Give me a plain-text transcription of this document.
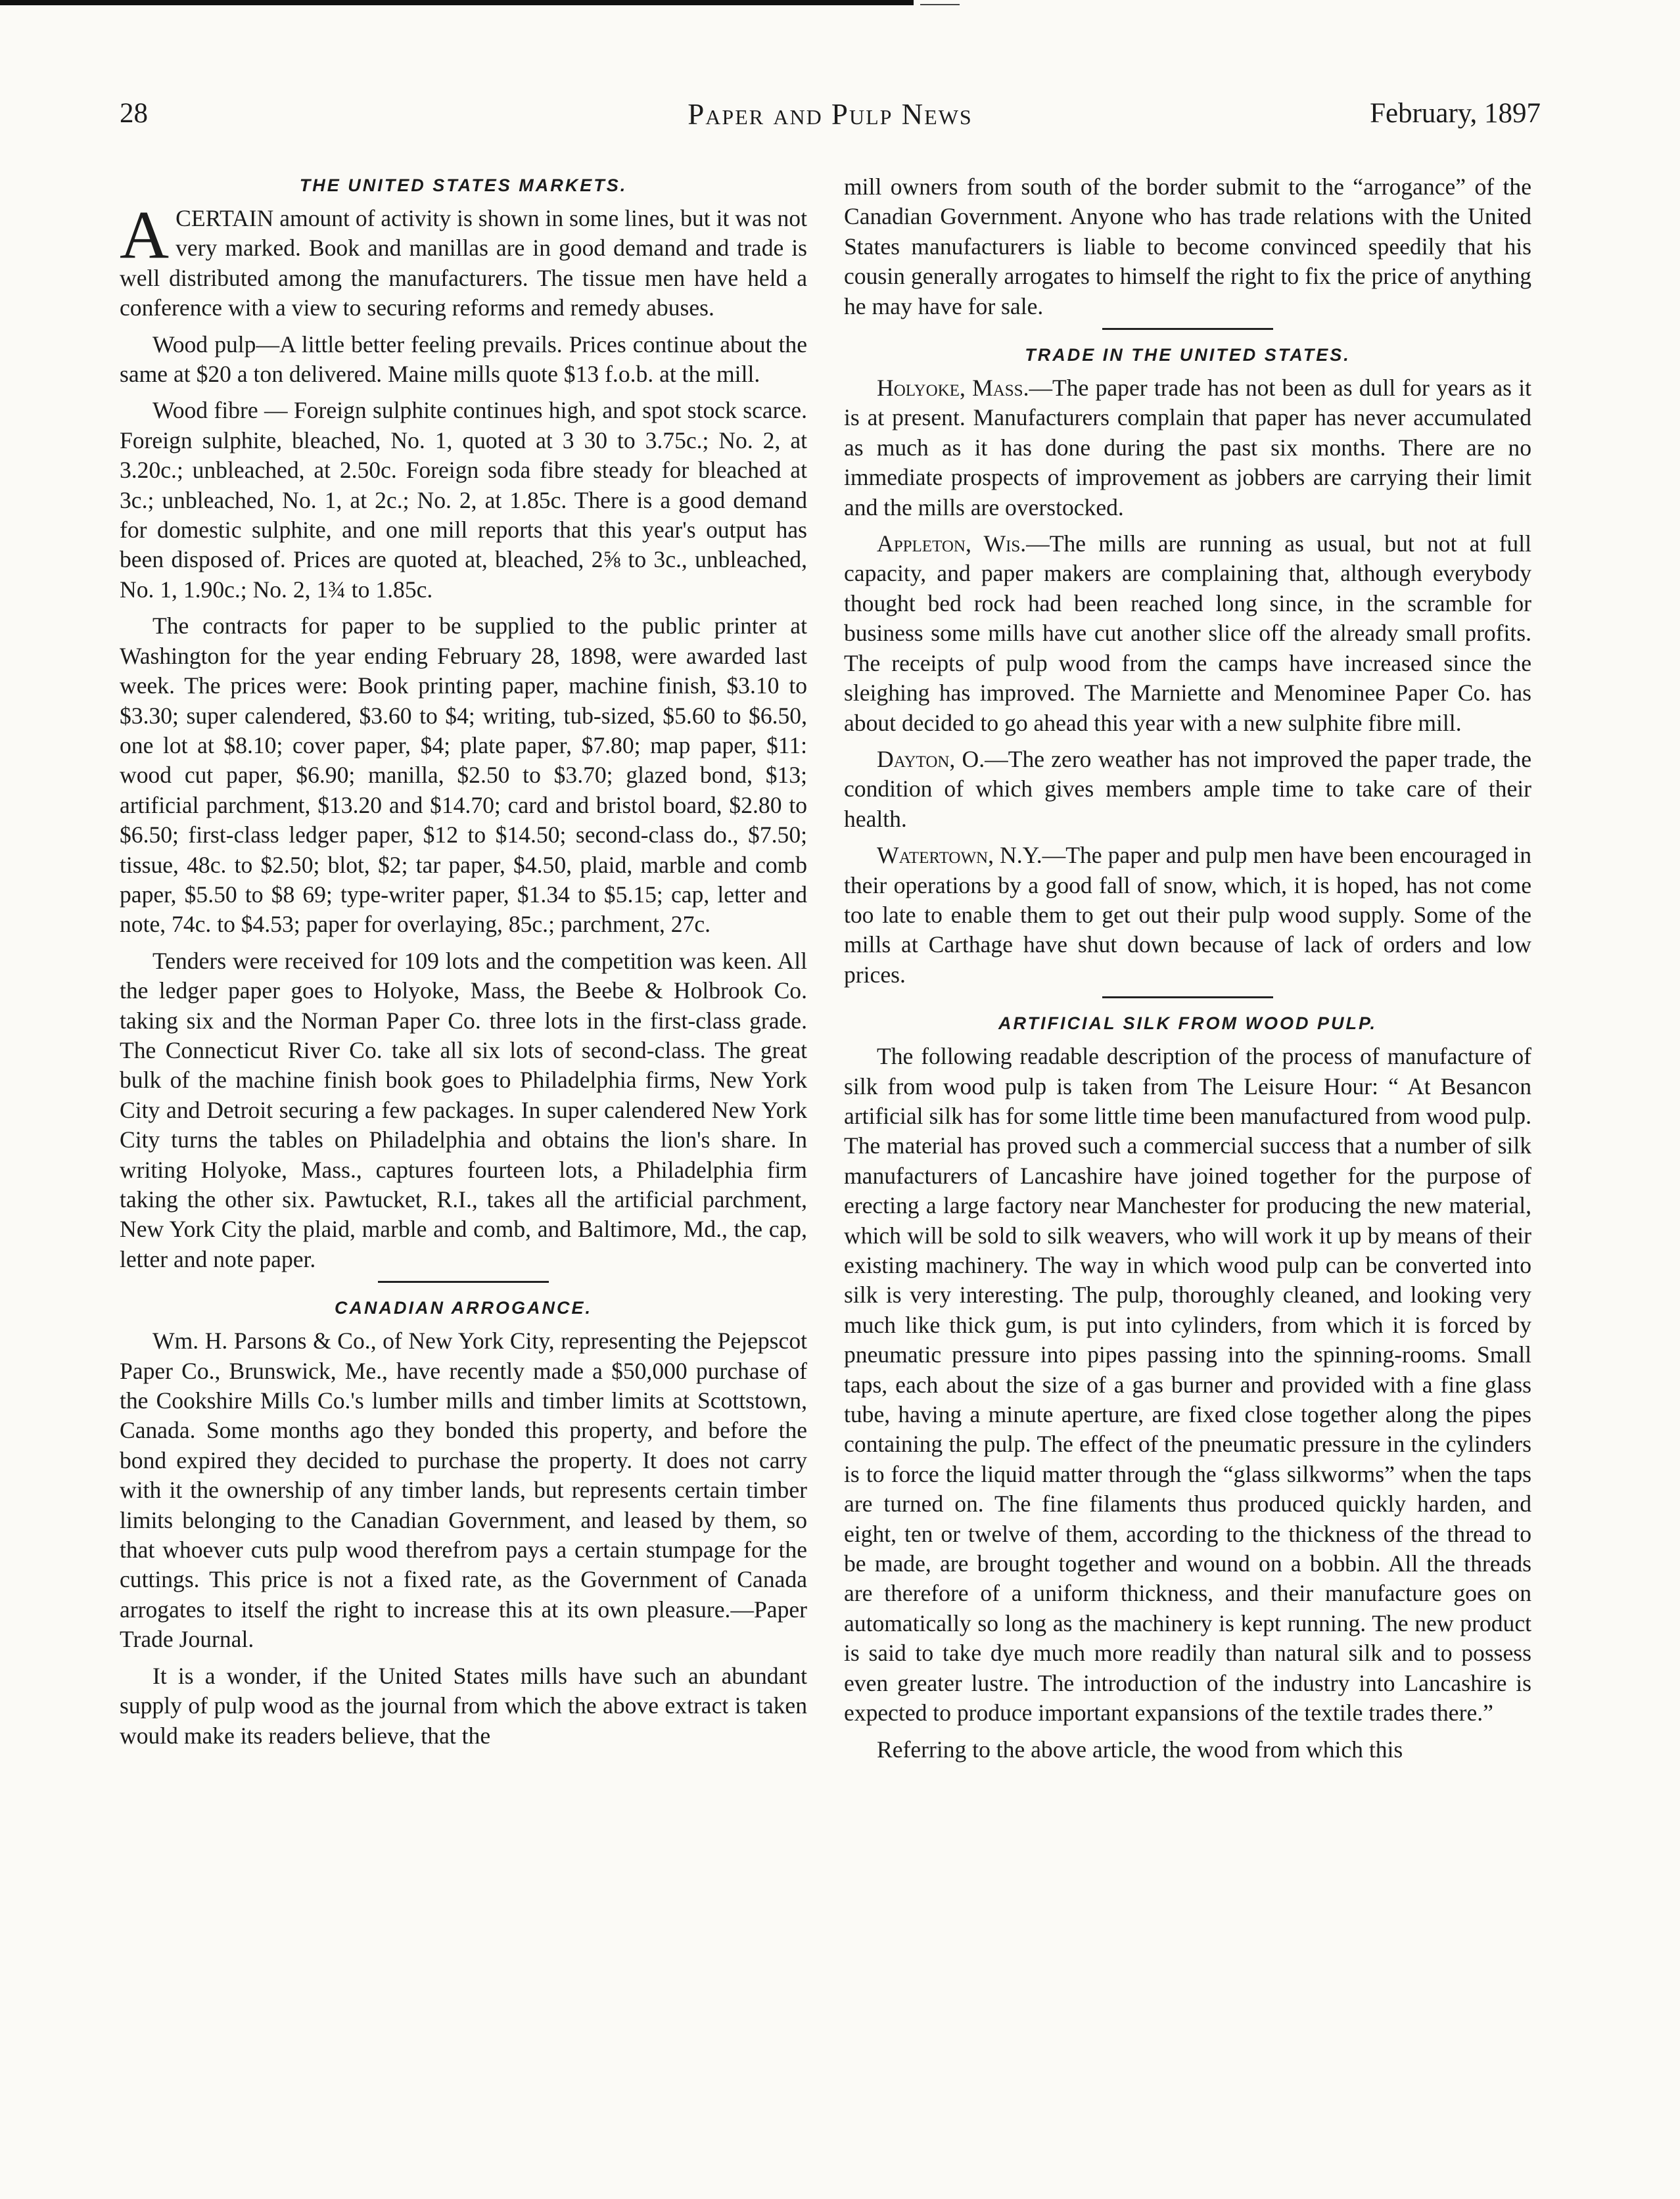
28	Paper and Pulp News	February, 1897
THE UNITED STATES MARKETS.

ACERTAIN amount of activity is shown in some lines, but it was not very marked. Book and manillas are in good demand and trade is well distributed among the manufacturers. The tissue men have held a conference with a view to securing reforms and remedy abuses.

Wood pulp—A little better feeling prevails. Prices continue about the same at $20 a ton delivered. Maine mills quote $13 f.o.b. at the mill.

Wood fibre — Foreign sulphite continues high, and spot stock scarce. Foreign sulphite, bleached, No. 1, quoted at 3 30 to 3.75c.; No. 2, at 3.20c.; unbleached, at 2.50c. Foreign soda fibre steady for bleached at 3c.; unbleached, No. 1, at 2c.; No. 2, at 1.85c. There is a good demand for domestic sulphite, and one mill reports that this year's output has been disposed of. Prices are quoted at, bleached, 2⅝ to 3c., unbleached, No. 1, 1.90c.; No. 2, 1¾ to 1.85c.

The contracts for paper to be supplied to the public printer at Washington for the year ending February 28, 1898, were awarded last week. The prices were: Book printing paper, machine finish, $3.10 to $3.30; super calendered, $3.60 to $4; writing, tub-sized, $5.60 to $6.50, one lot at $8.10; cover paper, $4; plate paper, $7.80; map paper, $11: wood cut paper, $6.90; manilla, $2.50 to $3.70; glazed bond, $13; artificial parchment, $13.20 and $14.70; card and bristol board, $2.80 to $6.50; first-class ledger paper, $12 to $14.50; second-class do., $7.50; tissue, 48c. to $2.50; blot, $2; tar paper, $4.50, plaid, marble and comb paper, $5.50 to $8 69; type-writer paper, $1.34 to $5.15; cap, letter and note, 74c. to $4.53; paper for overlaying, 85c.; parchment, 27c.

Tenders were received for 109 lots and the competition was keen. All the ledger paper goes to Holyoke, Mass, the Beebe & Holbrook Co. taking six and the Norman Paper Co. three lots in the first-class grade. The Connecticut River Co. take all six lots of second-class. The great bulk of the machine finish book goes to Philadelphia firms, New York City and Detroit securing a few packages. In super calendered New York City turns the tables on Philadelphia and obtains the lion's share. In writing Holyoke, Mass., captures fourteen lots, a Philadelphia firm taking the other six. Pawtucket, R.I., takes all the artificial parchment, New York City the plaid, marble and comb, and Baltimore, Md., the cap, letter and note paper.

CANADIAN ARROGANCE.

Wm. H. Parsons & Co., of New York City, representing the Pejepscot Paper Co., Brunswick, Me., have recently made a $50,000 purchase of the Cookshire Mills Co.'s lumber mills and timber limits at Scottstown, Canada. Some months ago they bonded this property, and before the bond expired they decided to purchase the property. It does not carry with it the ownership of any timber lands, but represents certain timber limits belonging to the Canadian Government, and leased by them, so that whoever cuts pulp wood therefrom pays a certain stumpage for the cuttings. This price is not a fixed rate, as the Government of Canada arrogates to itself the right to increase this at its own pleasure.—Paper Trade Journal.

It is a wonder, if the United States mills have such an abundant supply of pulp wood as the journal from which the above extract is taken would make its readers believe, that the

mill owners from south of the border submit to the “arrogance” of the Canadian Government. Anyone who has trade relations with the United States manufacturers is liable to become convinced speedily that his cousin generally arrogates to himself the right to fix the price of anything he may have for sale.

TRADE IN THE UNITED STATES.

Holyoke, Mass.—The paper trade has not been as dull for years as it is at present. Manufacturers complain that paper has never accumulated as much as it has done during the past six months. There are no immediate prospects of improvement as jobbers are carrying their limit and the mills are overstocked.

Appleton, Wis.—The mills are running as usual, but not at full capacity, and paper makers are complaining that, although everybody thought bed rock had been reached long since, in the scramble for business some mills have cut another slice off the already small profits. The receipts of pulp wood from the camps have increased since the sleighing has improved. The Marniette and Menominee Paper Co. has about decided to go ahead this year with a new sulphite fibre mill.

Dayton, O.—The zero weather has not improved the paper trade, the condition of which gives members ample time to take care of their health.

Watertown, N.Y.—The paper and pulp men have been encouraged in their operations by a good fall of snow, which, it is hoped, has not come too late to enable them to get out their pulp wood supply. Some of the mills at Carthage have shut down because of lack of orders and low prices.

ARTIFICIAL SILK FROM WOOD PULP.

The following readable description of the process of manufacture of silk from wood pulp is taken from The Leisure Hour: “ At Besancon artificial silk has for some little time been manufactured from wood pulp. The material has proved such a commercial success that a number of silk manufacturers of Lancashire have joined together for the purpose of erecting a large factory near Manchester for producing the new material, which will be sold to silk weavers, who will work it up by means of their existing machinery. The way in which wood pulp can be converted into silk is very interesting. The pulp, thoroughly cleaned, and looking very much like thick gum, is put into cylinders, from which it is forced by pneumatic pressure into pipes passing into the spinning-rooms. Small taps, each about the size of a gas burner and provided with a fine glass tube, having a minute aperture, are fixed close together along the pipes containing the pulp. The effect of the pneumatic pressure in the cylinders is to force the liquid matter through the “glass silkworms” when the taps are turned on. The fine filaments thus produced quickly harden, and eight, ten or twelve of them, according to the thickness of the thread to be made, are brought together and wound on a bobbin. All the threads are therefore of a uniform thickness, and their manufacture goes on automatically so long as the machinery is kept running. The new product is said to take dye much more readily than natural silk and to possess even greater lustre. The introduction of the industry into Lancashire is expected to produce important expansions of the textile trades there.”

Referring to the above article, the wood from which this
